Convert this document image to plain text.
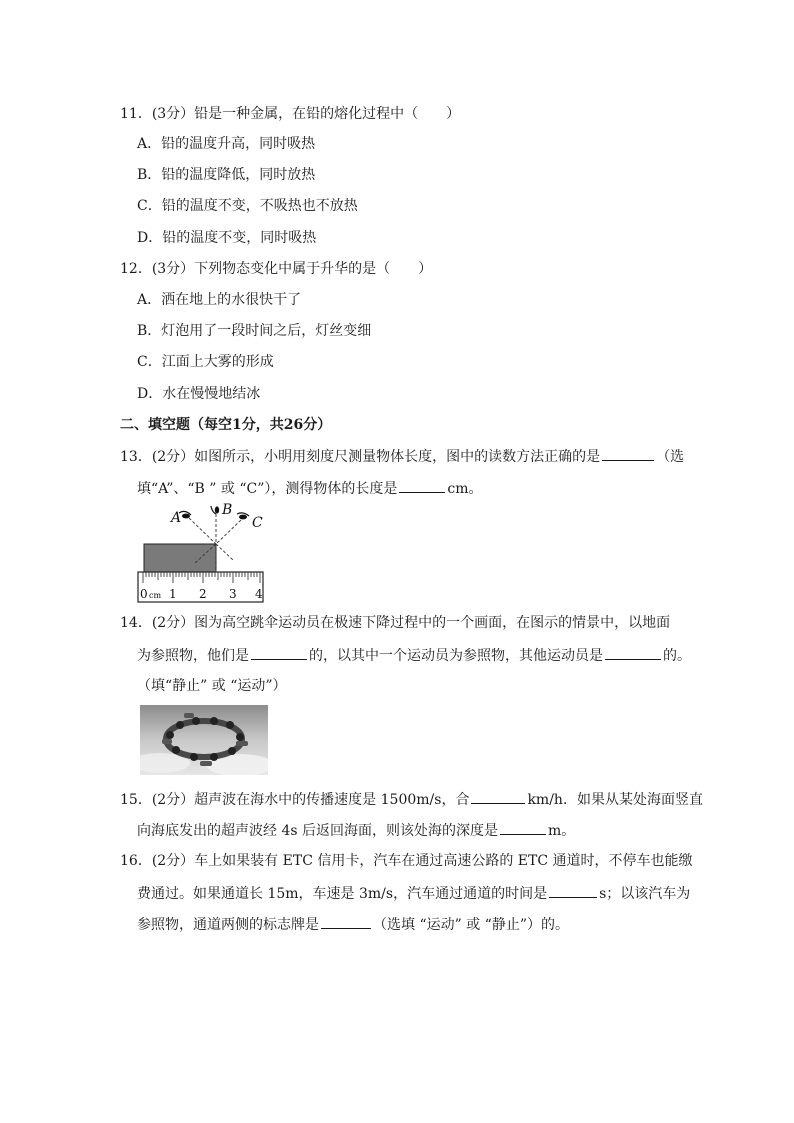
11．(3分）铅是一种金属，在铅的熔化过程中（　　）
A．铅的温度升高，同时吸热
B．铅的温度降低，同时放热
C．铅的温度不变，不吸热也不放热
D．铅的温度不变，同时吸热
12．(3分）下列物态变化中属于升华的是（　　）
A．洒在地上的水很快干了
B．灯泡用了一段时间之后，灯丝变细
C．江面上大雾的形成
D．水在慢慢地结冰
二、填空题（每空1分，共26分）
13．(2分）如图所示，小明用刻度尺测量物体长度，图中的读数方法正确的是	（选
填“A”、“B ” 或 “C”），测得物体的长度是	cm。
0 cm 1 2 3 4
A	B
C
14．(2分）图为高空跳伞运动员在极速下降过程中的一个画面，在图示的情景中，以地面
为参照物，他们是	的，以其中一个运动员为参照物，其他运动员是	的。
（填“静止” 或 “运动”）
15．(2分）超声波在海水中的传播速度是 1500m/s，合	km/h．如果从某处海面竖直
向海底发出的超声波经 4s 后返回海面，则该处海的深度是	m。
16．(2分）车上如果装有 ETC 信用卡，汽车在通过高速公路的 ETC 通道时，不停车也能缴
费通过。如果通道长 15m，车速是 3m/s，汽车通过通道的时间是	s；以该汽车为
参照物，通道两侧的标志牌是	（选填 “运动” 或 “静止”）的。
